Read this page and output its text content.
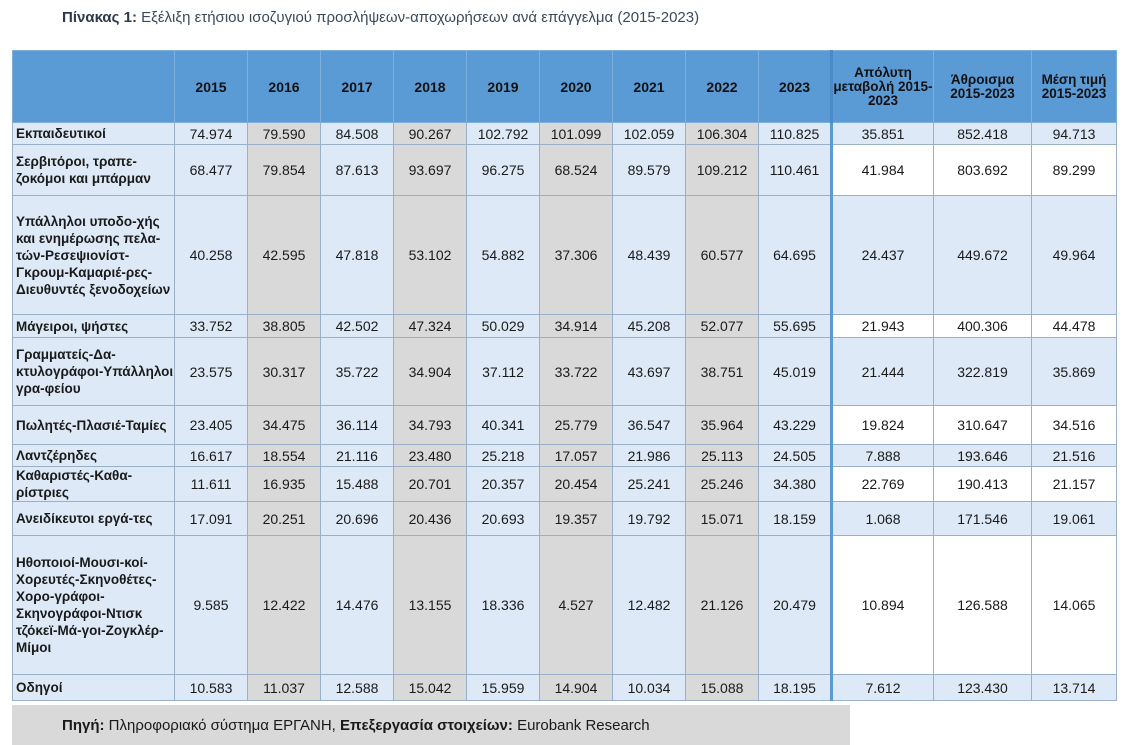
Πίνακας 1: Εξέλιξη ετήσιου ισοζυγιού προσλήψεων-αποχωρήσεων ανά επάγγελμα (2015-2023)
	2015	2016	2017	2018	2019	2020	2021	2022	2023	Απόλυτη μεταβολή 2015-2023	Άθροισμα 2015-2023	Μέση τιμή 2015-2023
Εκπαιδευτικοί	74.974	79.590	84.508	90.267	102.792	101.099	102.059	106.304	110.825	35.851	852.418	94.713
Σερβιτόροι, τραπε-ζοκόμοι και μπάρμαν	68.477	79.854	87.613	93.697	96.275	68.524	89.579	109.212	110.461	41.984	803.692	89.299
Υπάλληλοι υποδο-χής και ενημέρωσης πελα-τών-Ρεσεψιονίστ-Γκρουμ-Καμαριέ-ρες-Διευθυντές ξενοδοχείων	40.258	42.595	47.818	53.102	54.882	37.306	48.439	60.577	64.695	24.437	449.672	49.964
Μάγειροι, ψήστες	33.752	38.805	42.502	47.324	50.029	34.914	45.208	52.077	55.695	21.943	400.306	44.478
Γραμματείς-Δα-κτυλογράφοι-Υπάλληλοι γρα-φείου	23.575	30.317	35.722	34.904	37.112	33.722	43.697	38.751	45.019	21.444	322.819	35.869
Πωλητές-Πλασιέ-Ταμίες	23.405	34.475	36.114	34.793	40.341	25.779	36.547	35.964	43.229	19.824	310.647	34.516
Λαντζέρηδες	16.617	18.554	21.116	23.480	25.218	17.057	21.986	25.113	24.505	7.888	193.646	21.516
Καθαριστές-Καθα-ρίστριες	11.611	16.935	15.488	20.701	20.357	20.454	25.241	25.246	34.380	22.769	190.413	21.157
Ανειδίκευτοι εργά-τες	17.091	20.251	20.696	20.436	20.693	19.357	19.792	15.071	18.159	1.068	171.546	19.061
Ηθοποιοί-Μουσι-κοί-Χορευτές-Σκηνοθέτες-Χορο-γράφοι-Σκηνογράφοι-Ντισκ τζόκεϊ-Μά-γοι-Ζογκλέρ-Μίμοι	9.585	12.422	14.476	13.155	18.336	4.527	12.482	21.126	20.479	10.894	126.588	14.065
Οδηγοί	10.583	11.037	12.588	15.042	15.959	14.904	10.034	15.088	18.195	7.612	123.430	13.714
Πηγή: Πληροφοριακό σύστημα ΕΡΓΑΝΗ, Επεξεργασία στοιχείων: Eurobank Research
